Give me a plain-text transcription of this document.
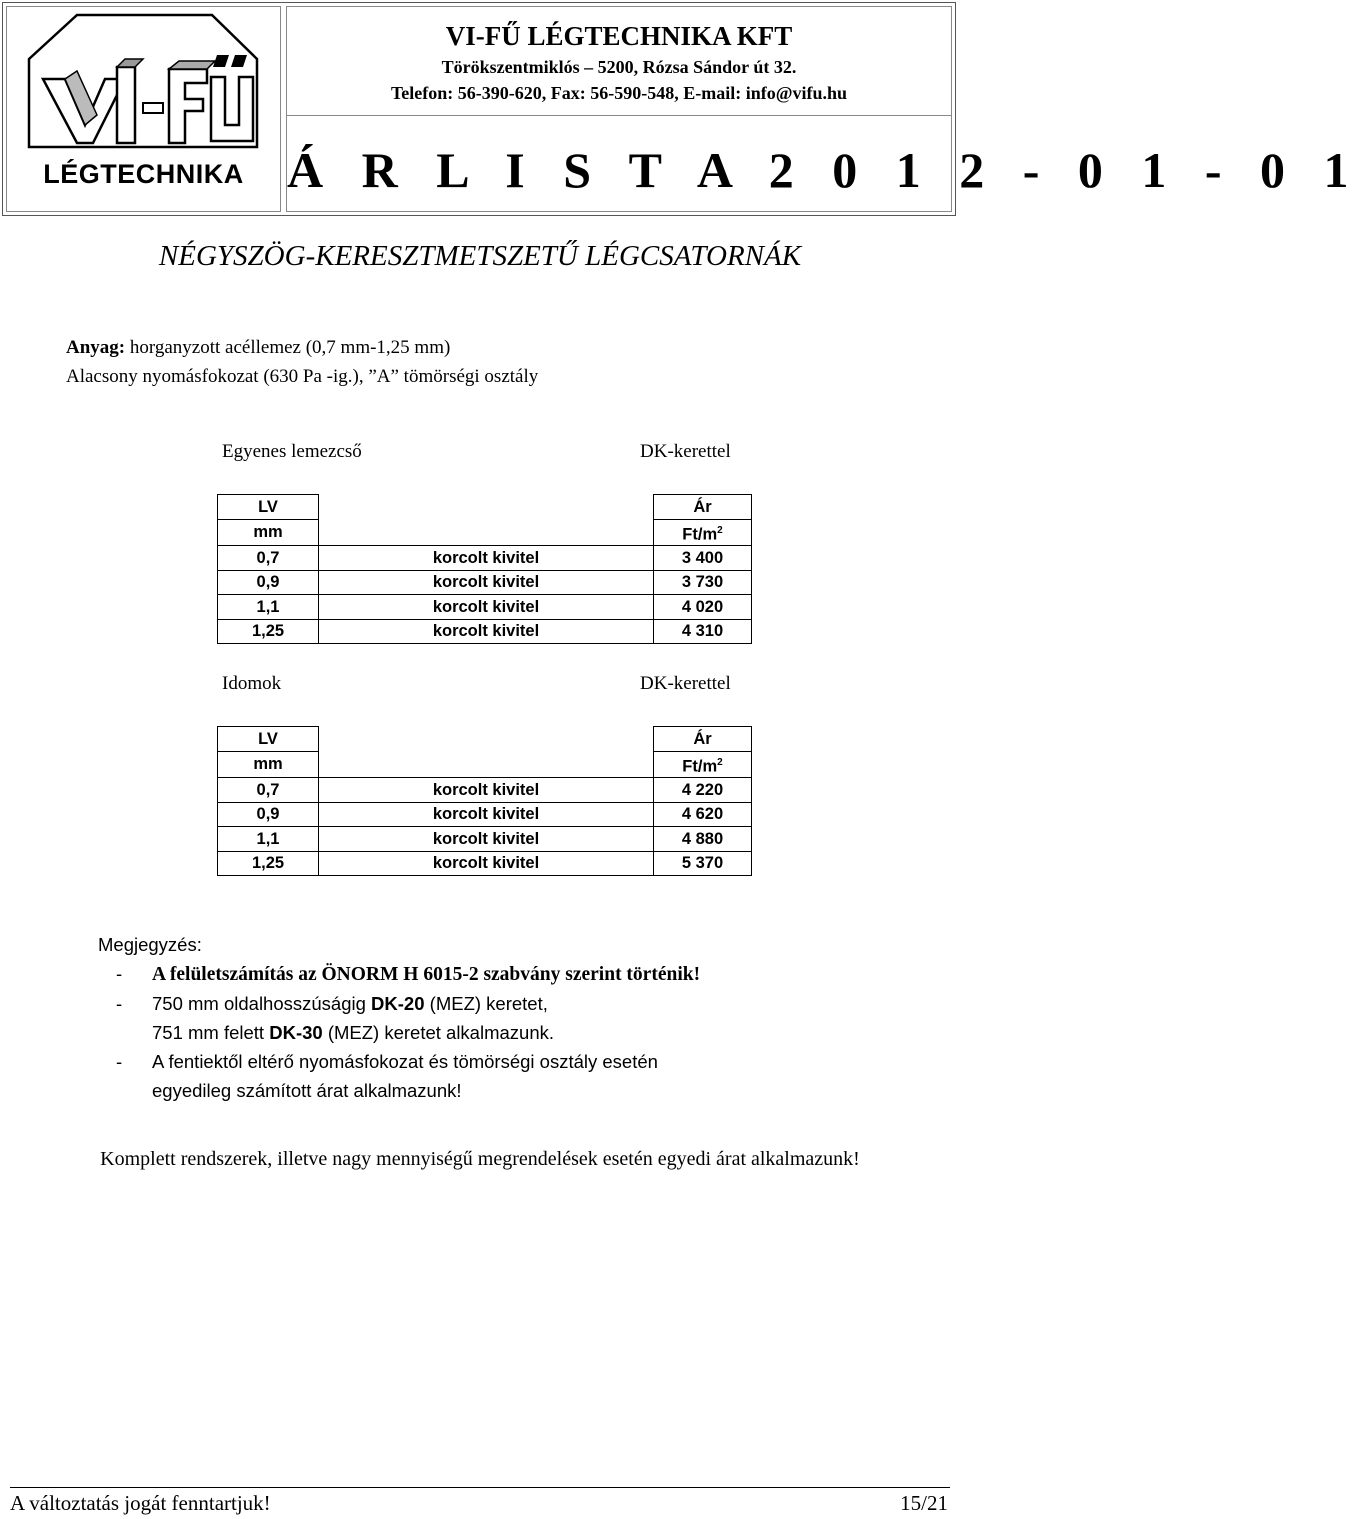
LÉGTECHNIKA
VI-FŰ LÉGTECHNIKA KFT
Törökszentmiklós – 5200, Rózsa Sándor út 32.
Telefon: 56-390-620, Fax: 56-590-548, E-mail: info@vifu.hu
Á R L I S T A 2 0 1 2 - 0 1 - 0 1
NÉGYSZÖG-KERESZTMETSZETŰ LÉGCSATORNÁK
Anyag: horganyzott acéllemez (0,7 mm-1,25 mm)
Alacsony nyomásfokozat (630 Pa -ig.), ”A” tömörségi osztály
Egyenes lemezcső	DK-kerettel
LV		Ár
mm		$Ft/m^2$
0,7	korcolt kivitel	3 400
0,9	korcolt kivitel	3 730
1,1	korcolt kivitel	4 020
1,25	korcolt kivitel	4 310
Idomok	DK-kerettel
LV		Ár
mm		$Ft/m^2$
0,7	korcolt kivitel	4 220
0,9	korcolt kivitel	4 620
1,1	korcolt kivitel	4 880
1,25	korcolt kivitel	5 370
Megjegyzés:
- A felületszámítás az ÖNORM H 6015-2 szabvány szerint történik!
- 750 mm oldalhosszúságig DK-20 (MEZ) keretet,
751 mm felett DK-30 (MEZ) keretet alkalmazunk.
- A fentiektől eltérő nyomásfokozat és tömörségi osztály esetén
egyedileg számított árat alkalmazunk!
Komplett rendszerek, illetve nagy mennyiségű megrendelések esetén egyedi árat alkalmazunk!
A változtatás jogát fenntartjuk!	15/21
